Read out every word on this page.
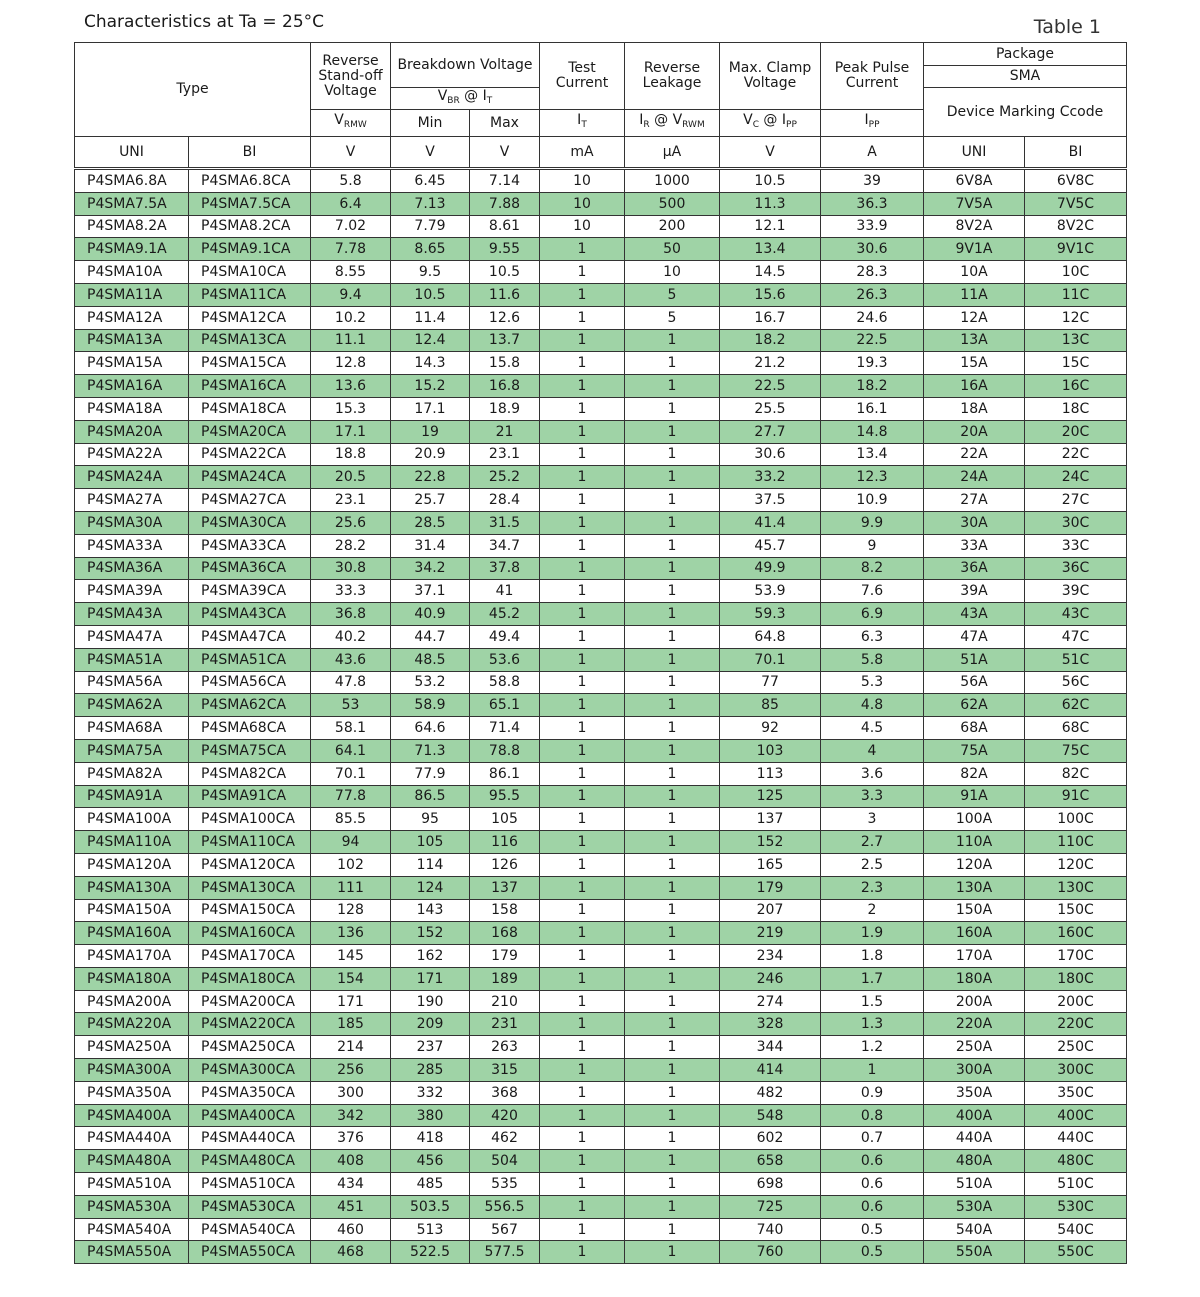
Characteristics at Ta = 25°C	Table 1
Type		Reverse Stand-off Voltage	Breakdown Voltage		Test Current	Reverse Leakage	Max. Clamp Voltage	Peak Pulse Current	Package
SMA	

			$V_{BR}$ @ $I_T$						Device Marking Ccode	
		$V_{RMW}$	Min	Max	$I_T$	$I_R$ @ $V_{RWM}$	$V_C$ @ $I_{PP}$	$I_{PP}$
UNI	BI	V	V	V	mA	μA	V	A	UNI	BI
P4SMA6.8A	P4SMA6.8CA	5.8	6.45	7.14	10	1000	10.5	39	6V8A	6V8C
P4SMA7.5A	P4SMA7.5CA	6.4	7.13	7.88	10	500	11.3	36.3	7V5A	7V5C
P4SMA8.2A	P4SMA8.2CA	7.02	7.79	8.61	10	200	12.1	33.9	8V2A	8V2C
P4SMA9.1A	P4SMA9.1CA	7.78	8.65	9.55	1	50	13.4	30.6	9V1A	9V1C
P4SMA10A	P4SMA10CA	8.55	9.5	10.5	1	10	14.5	28.3	10A	10C
P4SMA11A	P4SMA11CA	9.4	10.5	11.6	1	5	15.6	26.3	11A	11C
P4SMA12A	P4SMA12CA	10.2	11.4	12.6	1	5	16.7	24.6	12A	12C
P4SMA13A	P4SMA13CA	11.1	12.4	13.7	1	1	18.2	22.5	13A	13C
P4SMA15A	P4SMA15CA	12.8	14.3	15.8	1	1	21.2	19.3	15A	15C
P4SMA16A	P4SMA16CA	13.6	15.2	16.8	1	1	22.5	18.2	16A	16C
P4SMA18A	P4SMA18CA	15.3	17.1	18.9	1	1	25.5	16.1	18A	18C
P4SMA20A	P4SMA20CA	17.1	19	21	1	1	27.7	14.8	20A	20C
P4SMA22A	P4SMA22CA	18.8	20.9	23.1	1	1	30.6	13.4	22A	22C
P4SMA24A	P4SMA24CA	20.5	22.8	25.2	1	1	33.2	12.3	24A	24C
P4SMA27A	P4SMA27CA	23.1	25.7	28.4	1	1	37.5	10.9	27A	27C
P4SMA30A	P4SMA30CA	25.6	28.5	31.5	1	1	41.4	9.9	30A	30C
P4SMA33A	P4SMA33CA	28.2	31.4	34.7	1	1	45.7	9	33A	33C
P4SMA36A	P4SMA36CA	30.8	34.2	37.8	1	1	49.9	8.2	36A	36C
P4SMA39A	P4SMA39CA	33.3	37.1	41	1	1	53.9	7.6	39A	39C
P4SMA43A	P4SMA43CA	36.8	40.9	45.2	1	1	59.3	6.9	43A	43C
P4SMA47A	P4SMA47CA	40.2	44.7	49.4	1	1	64.8	6.3	47A	47C
P4SMA51A	P4SMA51CA	43.6	48.5	53.6	1	1	70.1	5.8	51A	51C
P4SMA56A	P4SMA56CA	47.8	53.2	58.8	1	1	77	5.3	56A	56C
P4SMA62A	P4SMA62CA	53	58.9	65.1	1	1	85	4.8	62A	62C
P4SMA68A	P4SMA68CA	58.1	64.6	71.4	1	1	92	4.5	68A	68C
P4SMA75A	P4SMA75CA	64.1	71.3	78.8	1	1	103	4	75A	75C
P4SMA82A	P4SMA82CA	70.1	77.9	86.1	1	1	113	3.6	82A	82C
P4SMA91A	P4SMA91CA	77.8	86.5	95.5	1	1	125	3.3	91A	91C
P4SMA100A	P4SMA100CA	85.5	95	105	1	1	137	3	100A	100C
P4SMA110A	P4SMA110CA	94	105	116	1	1	152	2.7	110A	110C
P4SMA120A	P4SMA120CA	102	114	126	1	1	165	2.5	120A	120C
P4SMA130A	P4SMA130CA	111	124	137	1	1	179	2.3	130A	130C
P4SMA150A	P4SMA150CA	128	143	158	1	1	207	2	150A	150C
P4SMA160A	P4SMA160CA	136	152	168	1	1	219	1.9	160A	160C
P4SMA170A	P4SMA170CA	145	162	179	1	1	234	1.8	170A	170C
P4SMA180A	P4SMA180CA	154	171	189	1	1	246	1.7	180A	180C
P4SMA200A	P4SMA200CA	171	190	210	1	1	274	1.5	200A	200C
P4SMA220A	P4SMA220CA	185	209	231	1	1	328	1.3	220A	220C
P4SMA250A	P4SMA250CA	214	237	263	1	1	344	1.2	250A	250C
P4SMA300A	P4SMA300CA	256	285	315	1	1	414	1	300A	300C
P4SMA350A	P4SMA350CA	300	332	368	1	1	482	0.9	350A	350C
P4SMA400A	P4SMA400CA	342	380	420	1	1	548	0.8	400A	400C
P4SMA440A	P4SMA440CA	376	418	462	1	1	602	0.7	440A	440C
P4SMA480A	P4SMA480CA	408	456	504	1	1	658	0.6	480A	480C
P4SMA510A	P4SMA510CA	434	485	535	1	1	698	0.6	510A	510C
P4SMA530A	P4SMA530CA	451	503.5	556.5	1	1	725	0.6	530A	530C
P4SMA540A	P4SMA540CA	460	513	567	1	1	740	0.5	540A	540C
P4SMA550A	P4SMA550CA	468	522.5	577.5	1	1	760	0.5	550A	550C
